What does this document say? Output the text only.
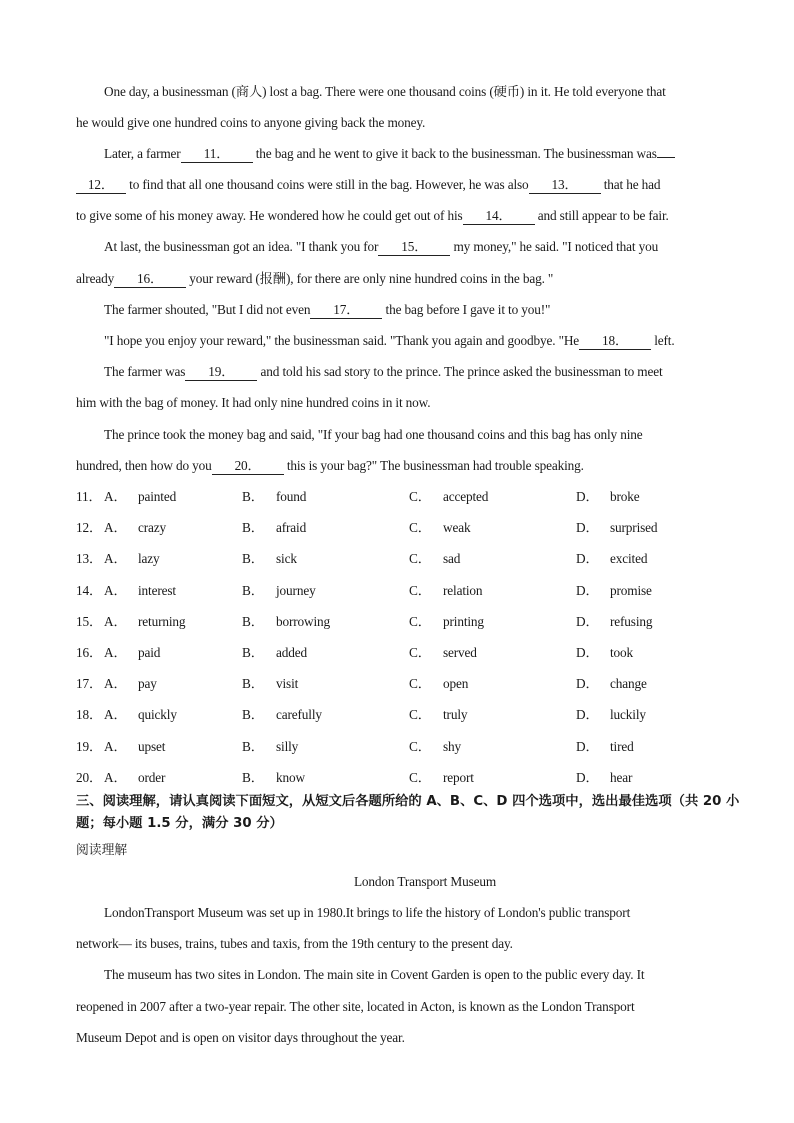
One day, a businessman (商人) lost a bag. There were one thousand coins (硬币) in it. He told everyone that
he would give one hundred coins to anyone giving back the money.
Later, a farmer 11． the bag and he went to give it back to the businessman. The businessman was
12． to find that all one thousand coins were still in the bag. However, he was also 13． that he had
to give some of his money away. He wondered how he could get out of his 14． and still appear to be fair.
At last, the businessman got an idea. "I thank you for 15． my money," he said. "I noticed that you
already 16． your reward (报酬), for there are only nine hundred coins in the bag. "
The farmer shouted, "But I did not even 17． the bag before I gave it to you!"
"I hope you enjoy your reward," the businessman said. "Thank you again and goodbye. "He 18． left.
The farmer was 19． and told his sad story to the prince. The prince asked the businessman to meet
him with the bag of money. It had only nine hundred coins in it now.
The prince took the money bag and said, "If your bag had one thousand coins and this bag has only nine
hundred, then how do you 20． this is your bag?" The businessman had trouble speaking.
11． A． painted	B． found	C． accepted	D． broke
12． A． crazy	B． afraid	C． weak	D． surprised
13． A． lazy	B． sick	C． sad	D． excited
14． A． interest	B． journey	C． relation	D． promise
15． A． returning	B． borrowing	C． printing	D． refusing
16． A． paid	B． added	C． served	D． took
17． A． pay	B． visit	C． open	D． change
18． A． quickly	B． carefully	C． truly	D． luckily
19． A． upset	B． silly	C． shy	D． tired
20． A． order	B． know	C． report	D． hear
三、阅读理解，请认真阅读下面短文，从短文后各题所给的 A、B、C、D 四个选项中，选出最佳选项（共 20 小题；每小题 1.5 分，满分 30 分）
阅读理解
London Transport Museum
LondonTransport Museum was set up in 1980.It brings to life the history of London's public transport
network— its buses, trains, tubes and taxis, from the 19th century to the present day.
The museum has two sites in London. The main site in Covent Garden is open to the public every day. It
reopened in 2007 after a two-year repair. The other site, located in Acton, is known as the London Transport
Museum Depot and is open on visitor days throughout the year.
